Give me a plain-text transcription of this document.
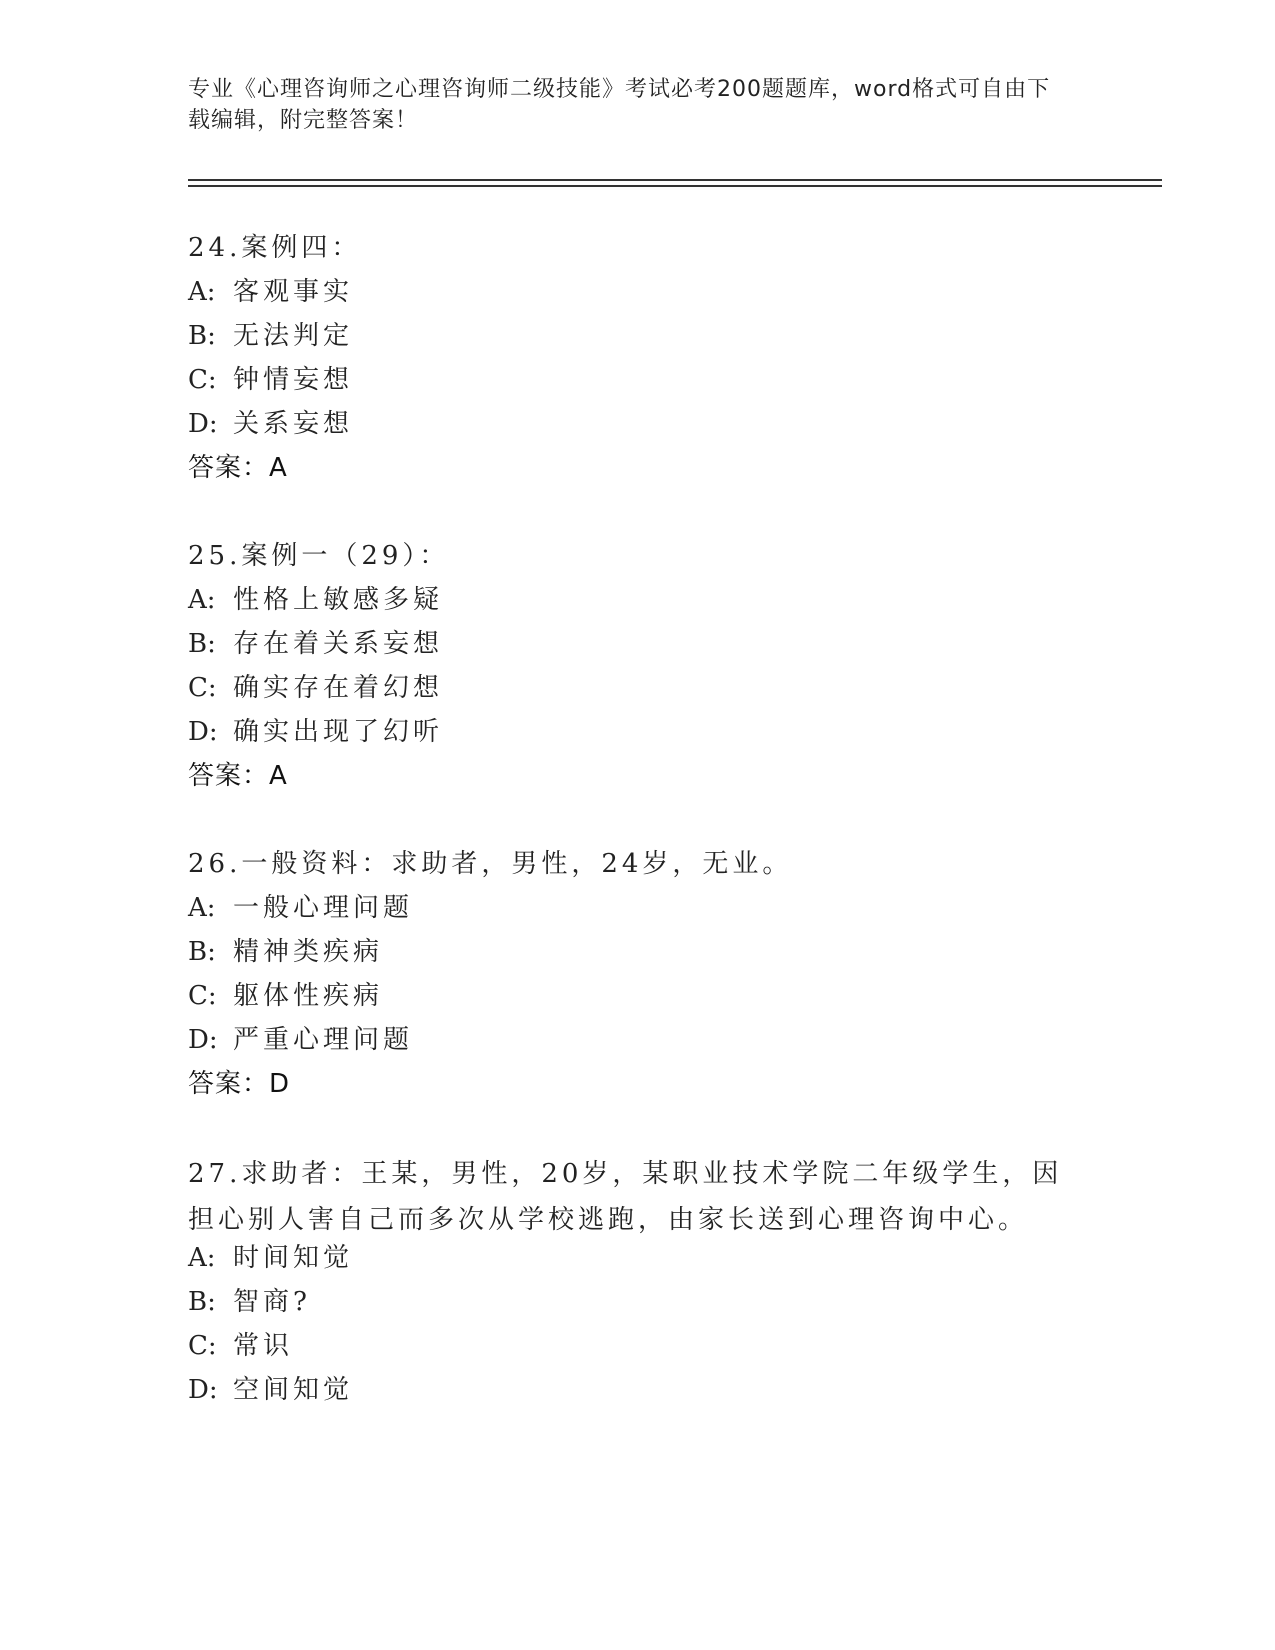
专业《心理咨询师之心理咨询师二级技能》考试必考200题题库，word格式可自由下载编辑，附完整答案！
24.案例四：
A: 客观事实
B: 无法判定
C: 钟情妄想
D: 关系妄想
答案：A
25.案例一（29）：
A: 性格上敏感多疑
B: 存在着关系妄想
C: 确实存在着幻想
D: 确实出现了幻听
答案：A
26.一般资料：求助者，男性，24岁，无业。
A: 一般心理问题
B: 精神类疾病
C: 躯体性疾病
D: 严重心理问题
答案：D
27.求助者：王某，男性，20岁，某职业技术学院二年级学生，因担心别人害自己而多次从学校逃跑，由家长送到心理咨询中心。
A: 时间知觉
B: 智商?
C: 常识
D: 空间知觉
